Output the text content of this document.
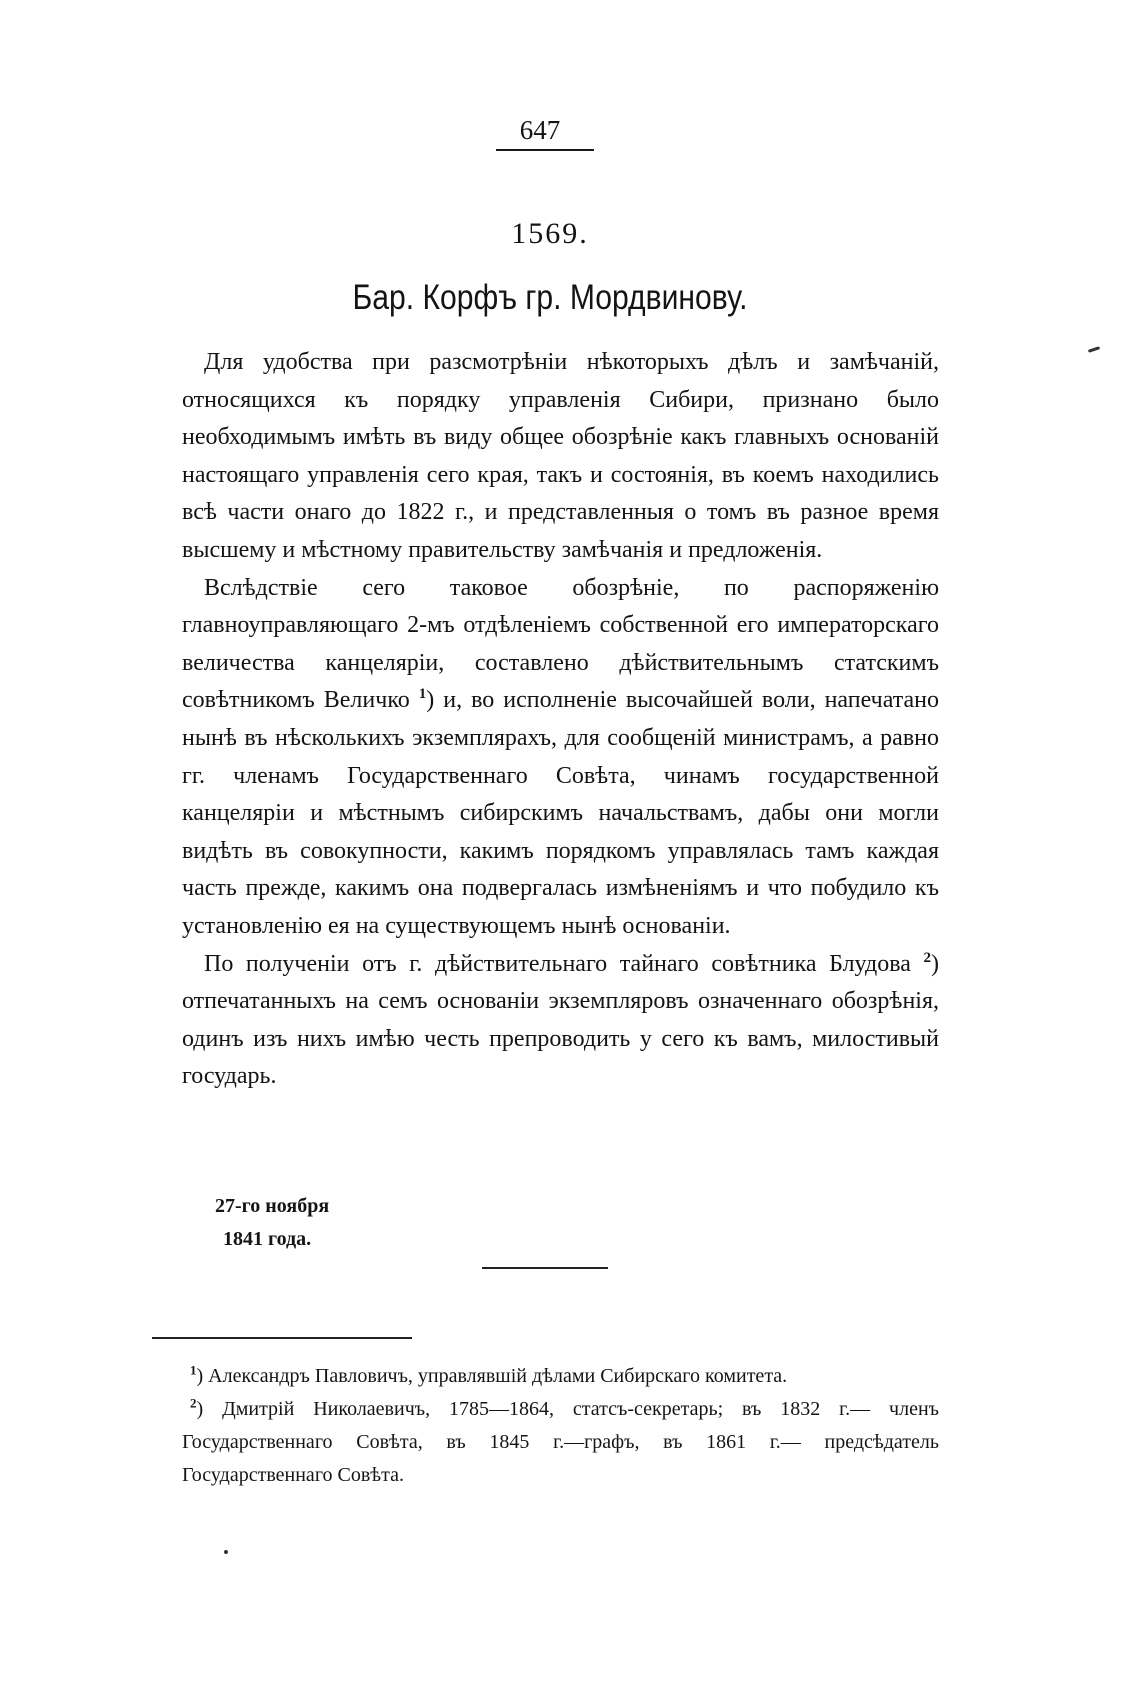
647
1569.
Бар. Корфъ гр. Мордвинову.

Для удобства при разсмотрѣніи нѣкоторыхъ дѣлъ и замѣчаній, относящихся къ порядку управленія Сибири, признано было необходимымъ имѣть въ виду общее обозрѣніе какъ главныхъ основаній настоящаго управленія сего края, такъ и состоянія, въ коемъ находились всѣ части онаго до 1822 г., и представленныя о томъ въ разное время высшему и мѣстному правительству замѣчанія и предложенія.

Вслѣдствіе сего таковое обозрѣніе, по распоряженію главноуправляющаго 2-мъ отдѣленіемъ собственной его императорскаго величества канцеляріи, составлено дѣйствительнымъ статскимъ совѣтникомъ Величко $^1$) и, во исполненіе высочайшей воли, напечатано нынѣ въ нѣсколькихъ экземплярахъ, для сообщеній министрамъ, а равно гг. членамъ Государственнаго Совѣта, чинамъ государственной канцеляріи и мѣстнымъ сибирскимъ начальствамъ, дабы они могли видѣть въ совокупности, какимъ порядкомъ управлялась тамъ каждая часть прежде, какимъ она подвергалась измѣненіямъ и что побудило къ установленію ея на существующемъ нынѣ основаніи.

По полученіи отъ г. дѣйствительнаго тайнаго совѣтника Блудова $^2$) отпечатанныхъ на семъ основаніи экземпляровъ означеннаго обозрѣнія, одинъ изъ нихъ имѣю честь препроводить у сего къ вамъ, милостивый государь.

27-го ноября
1841 года.

$^1$) Александръ Павловичъ, управлявшій дѣлами Сибирскаго комитета.

$^2$) Дмитрій Николаевичъ, 1785—1864, статсъ-секретарь; въ 1832 г.— членъ Государственнаго Совѣта, въ 1845 г.—графъ, въ 1861 г.— предсѣдатель Государственнаго Совѣта.
